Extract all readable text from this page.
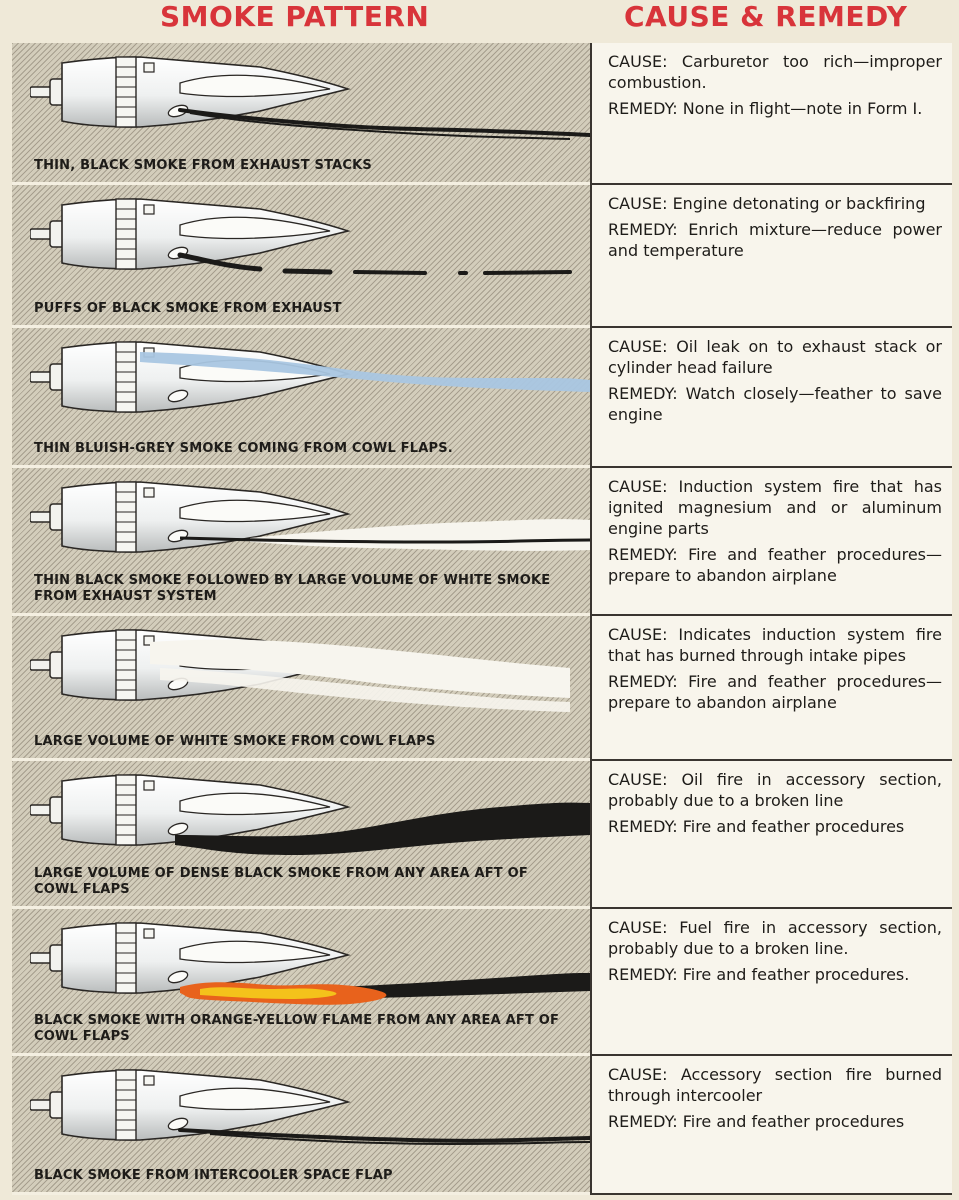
SMOKE PATTERN	CAUSE & REMEDY
THIN, BLACK SMOKE FROM EXHAUST STACKS

CAUSE: Carburetor too rich—improper combustion.

REMEDY: None in flight—note in Form I.

PUFFS OF BLACK SMOKE FROM EXHAUST

CAUSE: Engine detonating or backfiring

REMEDY: Enrich mixture—reduce power and temperature

THIN BLUISH-GREY SMOKE COMING FROM COWL FLAPS.

CAUSE: Oil leak on to exhaust stack or cylinder head failure

REMEDY: Watch closely—feather to save engine

THIN BLACK SMOKE FOLLOWED BY LARGE VOLUME OF WHITE SMOKE FROM EXHAUST SYSTEM

CAUSE: Induction system fire that has ignited magnesium and or aluminum engine parts

REMEDY: Fire and feather procedures—prepare to abandon airplane

LARGE VOLUME OF WHITE SMOKE FROM COWL FLAPS

CAUSE: Indicates induction system fire that has burned through intake pipes

REMEDY: Fire and feather procedures—prepare to abandon airplane

LARGE VOLUME OF DENSE BLACK SMOKE FROM ANY AREA AFT OF COWL FLAPS

CAUSE: Oil fire in accessory section, probably due to a broken line

REMEDY: Fire and feather procedures

BLACK SMOKE WITH ORANGE-YELLOW FLAME FROM ANY AREA AFT OF COWL FLAPS

CAUSE: Fuel fire in accessory section, probably due to a broken line.

REMEDY: Fire and feather procedures.

BLACK SMOKE FROM INTERCOOLER SPACE FLAP

CAUSE: Accessory section fire burned through intercooler

REMEDY: Fire and feather procedures
